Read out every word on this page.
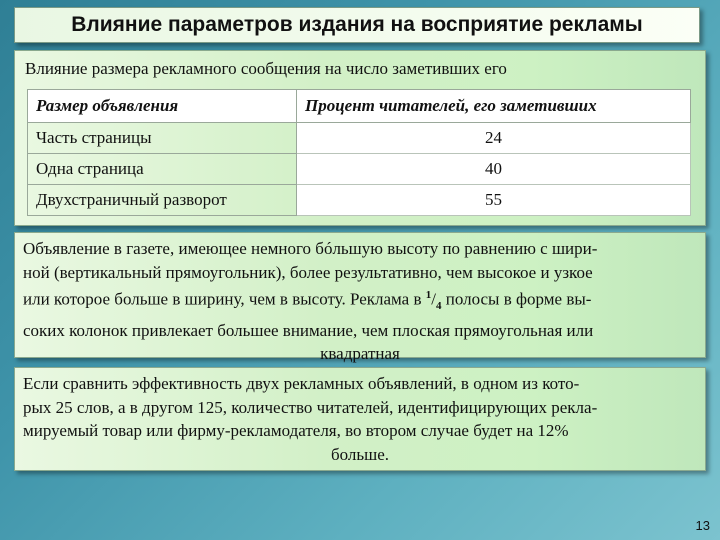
Влияние параметров издания на восприятие рекламы
Влияние размера рекламного сообщения на число заметивших его
Размер объявления	Процент читателей, его заметивших
Часть страницы	24
Одна страница	40
Двухстраничный разворот	55
Объявление в газете, имеющее немного бóльшую высоту по равнению с шири-
ной (вертикальный прямоугольник), более результативно, чем высокое и узкое
или которое больше в ширину, чем в высоту. Реклама в $^1/_4$ полосы в форме вы-
соких колонок привлекает большее внимание, чем плоская прямоугольная или
квадратная
Если сравнить эффективность двух рекламных объявлений, в одном из кото-
рых 25 слов, а в другом 125, количество читателей, идентифицирующих рекла-
мируемый товар или фирму-рекламодателя, во втором случае будет на 12%
больше.
13
